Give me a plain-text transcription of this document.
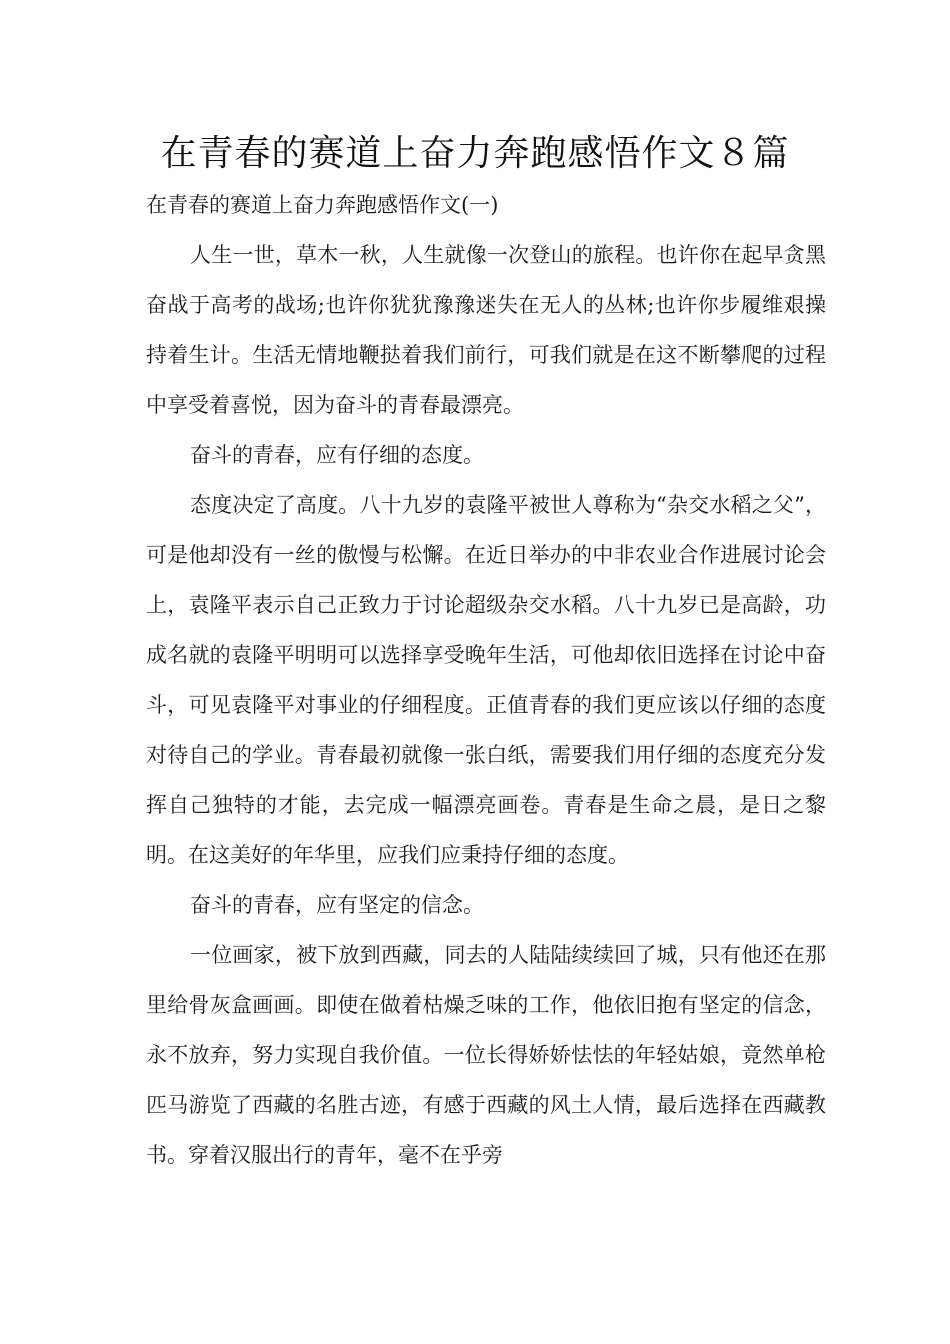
在青春的赛道上奋力奔跑感悟作文８篇

在青春的赛道上奋力奔跑感悟作文(一)

人生一世，草木一秋，人生就像一次登山的旅程。也许你在起早贪黑奋战于高考的战场;也许你犹犹豫豫迷失在无人的丛林;也许你步履维艰操持着生计。生活无情地鞭挞着我们前行，可我们就是在这不断攀爬的过程中享受着喜悦，因为奋斗的青春最漂亮。

奋斗的青春，应有仔细的态度。

态度决定了高度。八十九岁的袁隆平被世人尊称为“杂交水稻之父”，可是他却没有一丝的傲慢与松懈。在近日举办的中非农业合作进展讨论会上，袁隆平表示自己正致力于讨论超级杂交水稻。八十九岁已是高龄，功成名就的袁隆平明明可以选择享受晚年生活，可他却依旧选择在讨论中奋斗，可见袁隆平对事业的仔细程度。正值青春的我们更应该以仔细的态度对待自己的学业。青春最初就像一张白纸，需要我们用仔细的态度充分发挥自己独特的才能，去完成一幅漂亮画卷。青春是生命之晨，是日之黎明。在这美好的年华里，应我们应秉持仔细的态度。

奋斗的青春，应有坚定的信念。

一位画家，被下放到西藏，同去的人陆陆续续回了城，只有他还在那里给骨灰盒画画。即使在做着枯燥乏味的工作，他依旧抱有坚定的信念，永不放弃，努力实现自我价值。一位长得娇娇怯怯的年轻姑娘，竟然单枪匹马游览了西藏的名胜古迹，有感于西藏的风土人情，最后选择在西藏教书。穿着汉服出行的青年，毫不在乎旁
